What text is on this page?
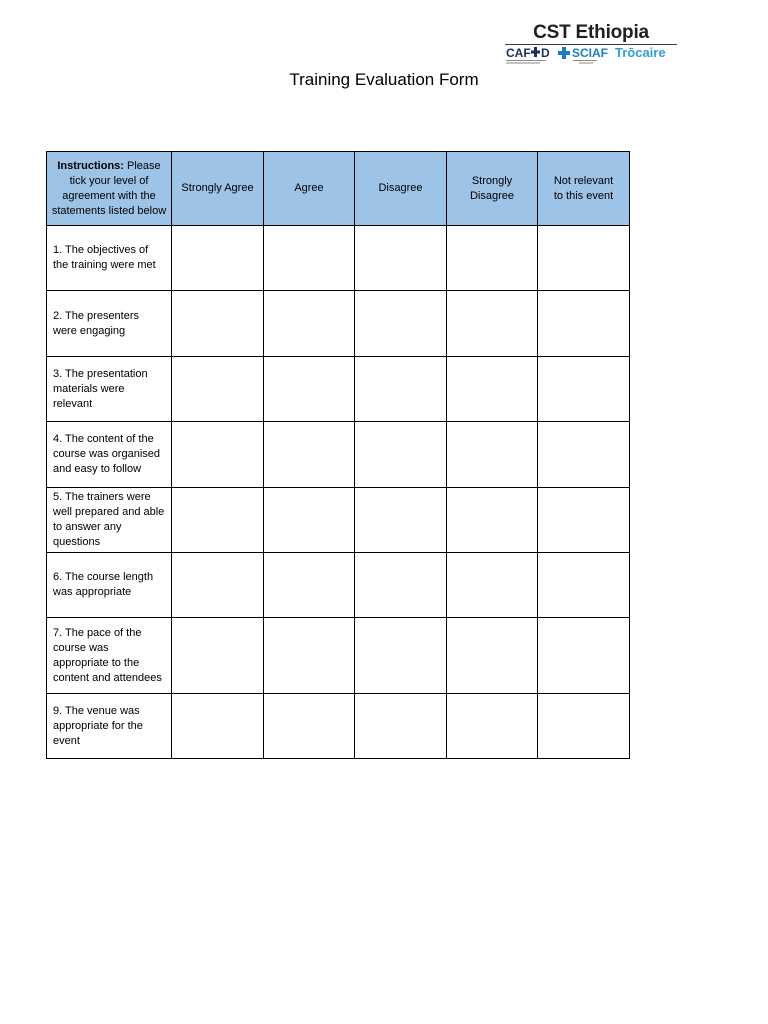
CST Ethiopia
CAF D SCIAF Trōcaire
Training Evaluation Form
Instructions: Please tick your level of agreement with the statements listed below	Strongly Agree	Agree	Disagree	Strongly Disagree	Not relevant to this event
1. The objectives of the training were met					
2. The presenters were engaging					
3. The presentation materials were relevant					
4. The content of the course was organised and easy to follow					
5. The trainers were well prepared and able to answer any questions					
6. The course length was appropriate					
7. The pace of the course was appropriate to the content and attendees					
9. The venue was appropriate for the event					
